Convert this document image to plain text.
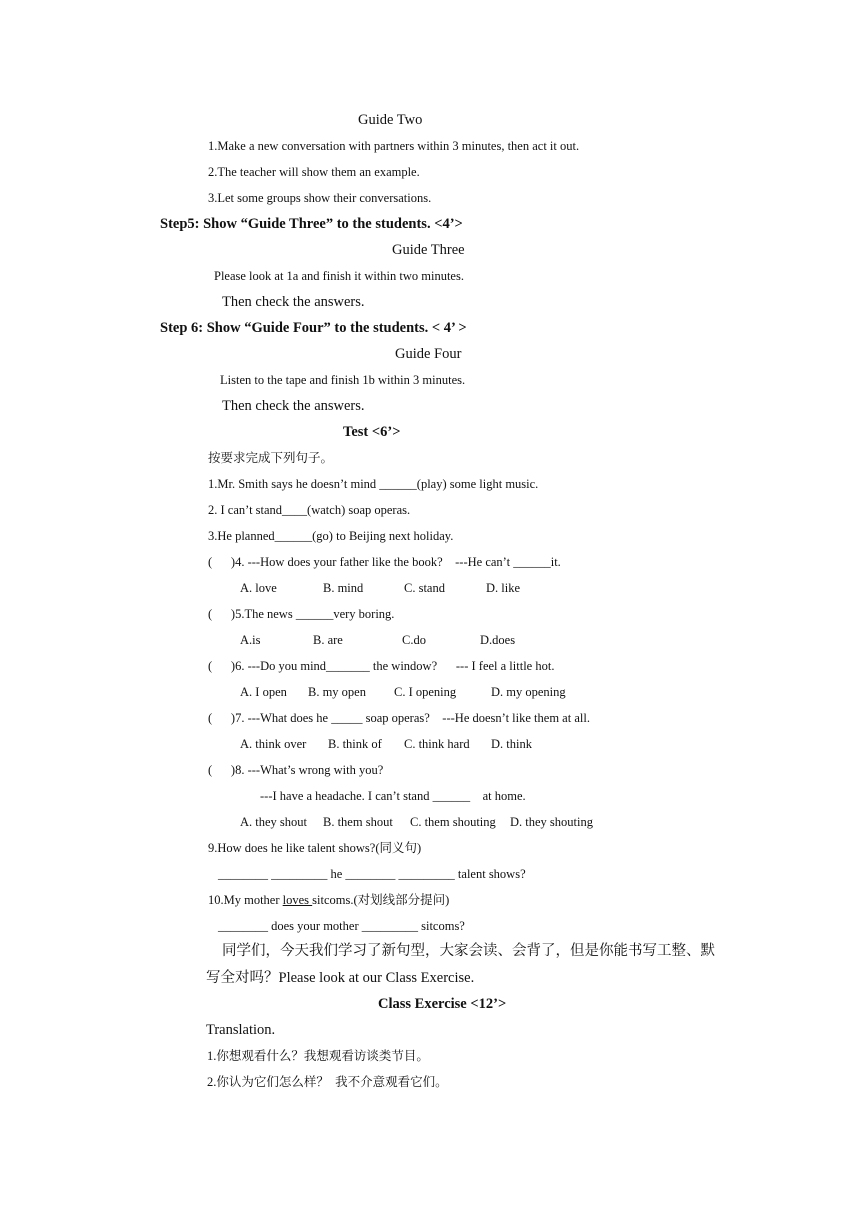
Guide Two
1.Make a new conversation with partners within 3 minutes, then act it out.
2.The teacher will show them an example.
3.Let some groups show their conversations.
Step5: Show “Guide Three” to the students. <4’>
Guide Three
Please look at 1a and finish it within two minutes.
Then check the answers.
Step 6: Show “Guide Four” to the students. < 4’ >
Guide Four
Listen to the tape and finish 1b within 3 minutes.
Then check the answers.
Test <6’>
按要求完成下列句子。
1.Mr. Smith says he doesn’t mind ______(play) some light music.
2. I can’t stand____(watch) soap operas.
3.He planned______(go) to Beijing next holiday.
(      )4. ---How does your father like the book?    ---He can’t ______it.
A. love	B. mind	C. stand	D. like
(      )5.The news ______very boring.
A.is	B. are	C.do	D.does
(      )6. ---Do you mind_______ the window?      --- I feel a little hot.
A. I open B. my open C. I opening	D. my opening
(      )7. ---What does he _____ soap operas?    ---He doesn’t like them at all.
A. think over B. think of C. think hard D. think
(      )8. ---What’s wrong with you?
---I have a headache. I can’t stand ______    at home.
A. they shout B. them shout C. them shouting D. they shouting
9.How does he like talent shows?(同义句)
________ _________ he ________ _________ talent shows?
10.My mother loves sitcoms.(对划线部分提问)
________ does your mother _________ sitcoms?
同学们，今天我们学习了新句型，大家会读、会背了，但是你能书写工整、默
写全对吗？Please look at our Class Exercise.
Class Exercise <12’>
Translation.
1.你想观看什么？我想观看访谈类节目。
2.你认为它们怎么样？  我不介意观看它们。
